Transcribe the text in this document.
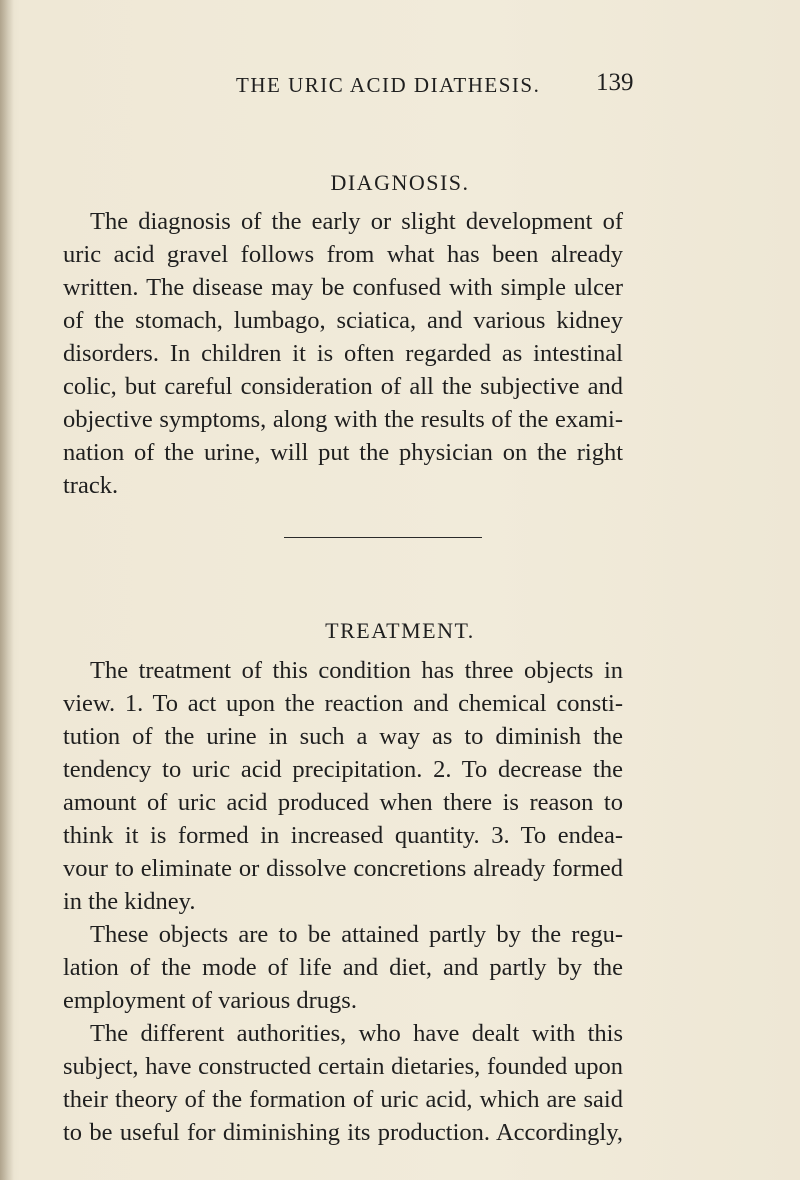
THE URIC ACID DIATHESIS. 139
DIAGNOSIS.
The diagnosis of the early or slight development of
uric acid gravel follows from what has been already
written. The disease may be confused with simple ulcer
of the stomach, lumbago, sciatica, and various kidney
disorders. In children it is often regarded as intestinal
colic, but careful consideration of all the subjective and
objective symptoms, along with the results of the exami-
nation of the urine, will put the physician on the right
track.
TREATMENT.
The treatment of this condition has three objects in
view. 1. To act upon the reaction and chemical consti-
tution of the urine in such a way as to diminish the
tendency to uric acid precipitation. 2. To decrease the
amount of uric acid produced when there is reason to
think it is formed in increased quantity. 3. To endea-
vour to eliminate or dissolve concretions already formed
in the kidney.
These objects are to be attained partly by the regu-
lation of the mode of life and diet, and partly by the
employment of various drugs.
The different authorities, who have dealt with this
subject, have constructed certain dietaries, founded upon
their theory of the formation of uric acid, which are said
to be useful for diminishing its production. Accordingly,
